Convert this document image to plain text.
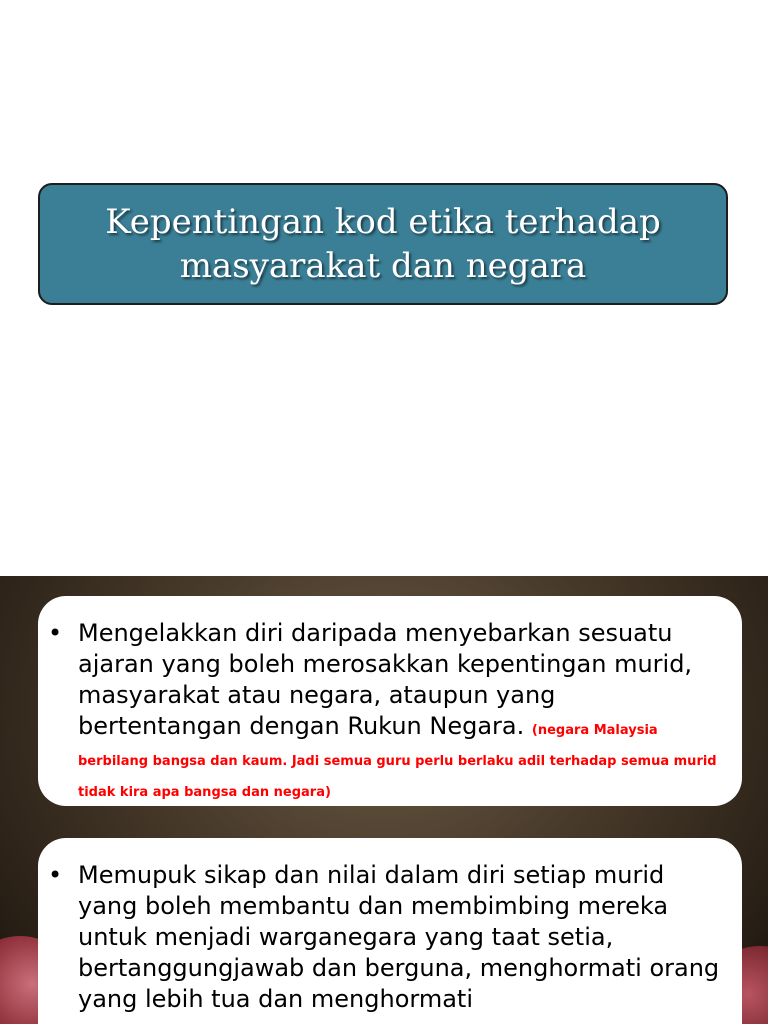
Kepentingan kod etika terhadap masyarakat dan negara
• Mengelakkan diri daripada menyebarkan sesuatu ajaran yang boleh merosakkan kepentingan murid, masyarakat atau negara, ataupun yang bertentangan dengan Rukun Negara. (negara Malaysia berbilang bangsa dan kaum. Jadi semua guru perlu berlaku adil terhadap semua murid tidak kira apa bangsa dan negara)
• Memupuk sikap dan nilai dalam diri setiap murid yang boleh membantu dan membimbing mereka untuk menjadi warganegara yang taat setia, bertanggungjawab dan berguna, menghormati orang yang lebih tua dan menghormati
